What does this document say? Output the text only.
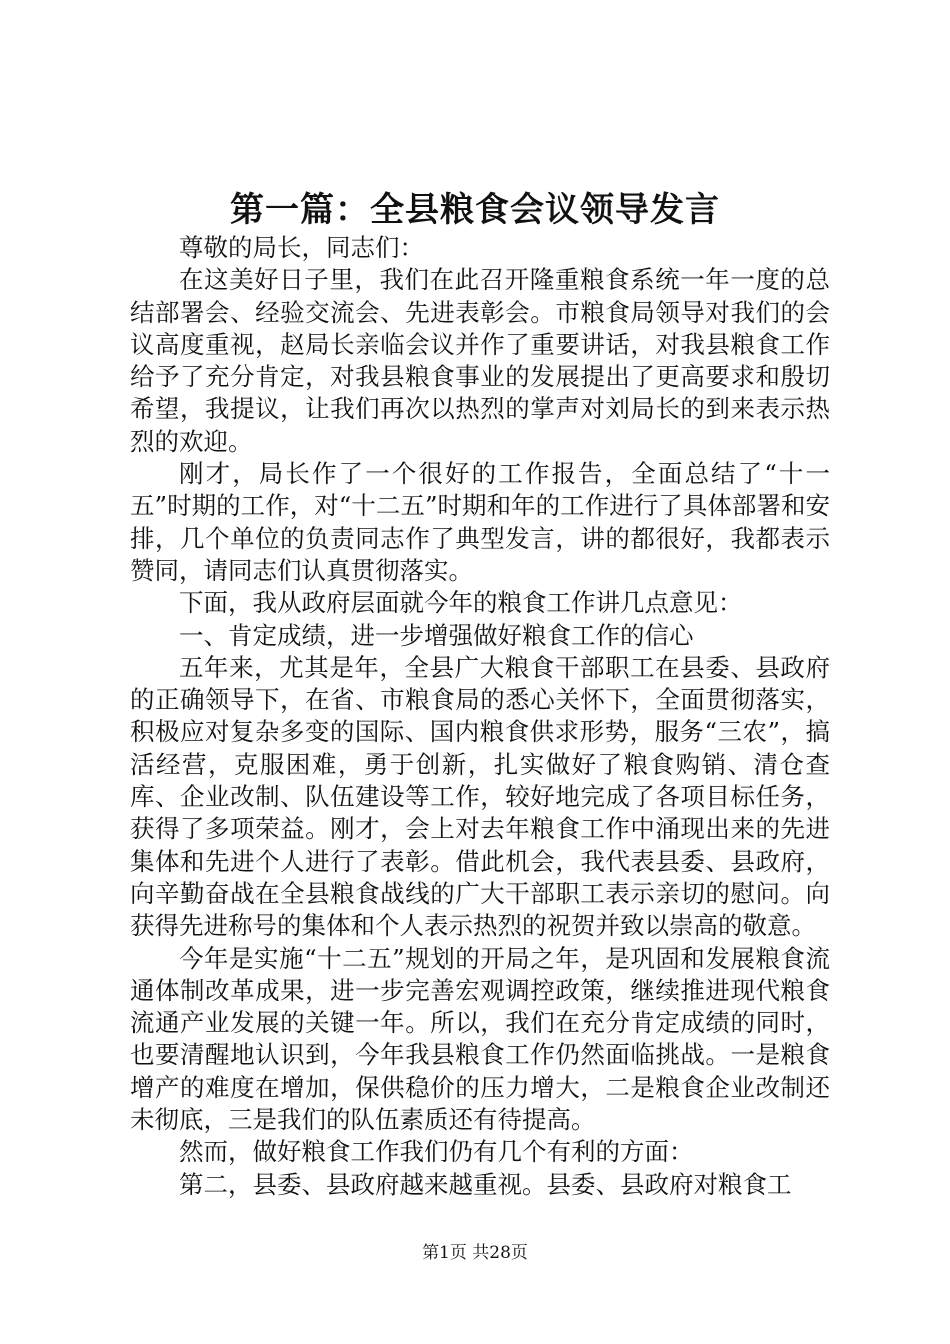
第一篇：全县粮食会议领导发言

尊敬的局长，同志们：

在这美好日子里，我们在此召开隆重粮食系统一年一度的总结部署会、经验交流会、先进表彰会。市粮食局领导对我们的会议高度重视，赵局长亲临会议并作了重要讲话，对我县粮食工作给予了充分肯定，对我县粮食事业的发展提出了更高要求和殷切希望，我提议，让我们再次以热烈的掌声对刘局长的到来表示热烈的欢迎。

刚才，局长作了一个很好的工作报告，全面总结了“十一五”时期的工作，对“十二五”时期和年的工作进行了具体部署和安排，几个单位的负责同志作了典型发言，讲的都很好，我都表示赞同，请同志们认真贯彻落实。

下面，我从政府层面就今年的粮食工作讲几点意见：

一、肯定成绩，进一步增强做好粮食工作的信心

五年来，尤其是年，全县广大粮食干部职工在县委、县政府的正确领导下，在省、市粮食局的悉心关怀下，全面贯彻落实，积极应对复杂多变的国际、国内粮食供求形势，服务“三农”，搞活经营，克服困难，勇于创新，扎实做好了粮食购销、清仓查库、企业改制、队伍建设等工作，较好地完成了各项目标任务，获得了多项荣益。刚才，会上对去年粮食工作中涌现出来的先进集体和先进个人进行了表彰。借此机会，我代表县委、县政府，向辛勤奋战在全县粮食战线的广大干部职工表示亲切的慰问。向获得先进称号的集体和个人表示热烈的祝贺并致以崇高的敬意。

今年是实施“十二五”规划的开局之年，是巩固和发展粮食流通体制改革成果，进一步完善宏观调控政策，继续推进现代粮食流通产业发展的关键一年。所以，我们在充分肯定成绩的同时，也要清醒地认识到，今年我县粮食工作仍然面临挑战。一是粮食增产的难度在增加，保供稳价的压力增大，二是粮食企业改制还未彻底，三是我们的队伍素质还有待提高。

然而，做好粮食工作我们仍有几个有利的方面：

第二，县委、县政府越来越重视。县委、县政府对粮食工

第1页 共28页
